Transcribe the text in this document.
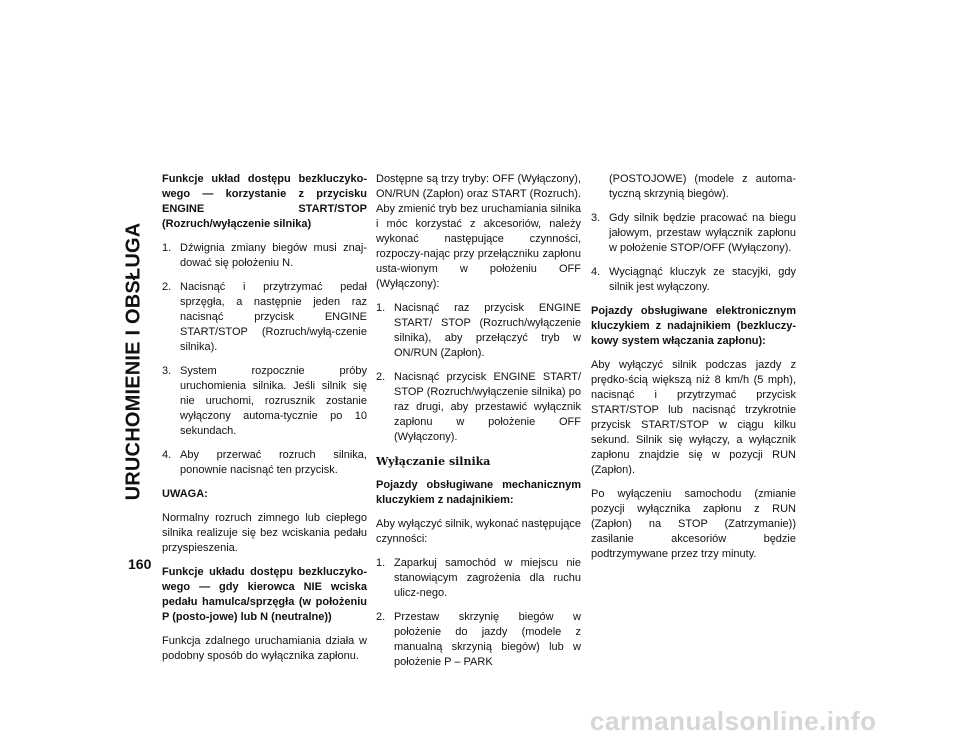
URUCHOMIENIE I OBSŁUGA
160

Funkcje układ dostępu bezkluczyko-wego — korzystanie z przycisku ENGINE START/STOP (Rozruch/wyłączenie silnika)

1. Dźwignia zmiany biegów musi znaj-dować się położeniu N.
2. Nacisnąć i przytrzymać pedał sprzęgła, a następnie jeden raz nacisnąć przycisk ENGINE START/STOP (Rozruch/wyłą-czenie silnika).
3. System rozpocznie próby uruchomienia silnika. Jeśli silnik się nie uruchomi, rozrusznik zostanie wyłączony automa-tycznie po 10 sekundach.
4. Aby przerwać rozruch silnika, ponownie nacisnąć ten przycisk.

UWAGA:

Normalny rozruch zimnego lub ciepłego silnika realizuje się bez wciskania pedału przyspieszenia.

Funkcje układu dostępu bezkluczyko-wego — gdy kierowca NIE wciska pedału hamulca/sprzęgła (w położeniu P (posto-jowe) lub N (neutralne))

Funkcja zdalnego uruchamiania działa w podobny sposób do wyłącznika zapłonu.

Dostępne są trzy tryby: OFF (Wyłączony), ON/RUN (Zapłon) oraz START (Rozruch). Aby zmienić tryb bez uruchamiania silnika i móc korzystać z akcesoriów, należy wykonać następujące czynności, rozpoczy-nając przy przełączniku zapłonu usta-wionym w położeniu OFF (Wyłączony):

1. Nacisnąć raz przycisk ENGINE START/ STOP (Rozruch/wyłączenie silnika), aby przełączyć tryb w ON/RUN (Zapłon).
2. Nacisnąć przycisk ENGINE START/ STOP (Rozruch/wyłączenie silnika) po raz drugi, aby przestawić wyłącznik zapłonu w położenie OFF (Wyłączony).

Wyłączanie silnika

Pojazdy obsługiwane mechanicznym kluczykiem z nadajnikiem:

Aby wyłączyć silnik, wykonać następujące czynności:

1. Zaparkuj samochód w miejscu nie stanowiącym zagrożenia dla ruchu ulicz-nego.
2. Przestaw skrzynię biegów w położenie do jazdy (modele z manualną skrzynią biegów) lub w położenie P – PARK

(POSTOJOWE) (modele z automa-tyczną skrzynią biegów).

3. Gdy silnik będzie pracować na biegu jałowym, przestaw wyłącznik zapłonu w położenie STOP/OFF (Wyłączony).
4. Wyciągnąć kluczyk ze stacyjki, gdy silnik jest wyłączony.

Pojazdy obsługiwane elektronicznym kluczykiem z nadajnikiem (bezkluczy-kowy system włączania zapłonu):

Aby wyłączyć silnik podczas jazdy z prędko-ścią większą niż 8 km/h (5 mph), nacisnąć i przytrzymać przycisk START/STOP lub nacisnąć trzykrotnie przycisk START/STOP w ciągu kilku sekund. Silnik się wyłączy, a wyłącznik zapłonu znajdzie się w pozycji RUN (Zapłon).

Po wyłączeniu samochodu (zmianie pozycji wyłącznika zapłonu z RUN (Zapłon) na STOP (Zatrzymanie)) zasilanie akcesoriów będzie podtrzymywane przez trzy minuty.

carmanualsonline.info
